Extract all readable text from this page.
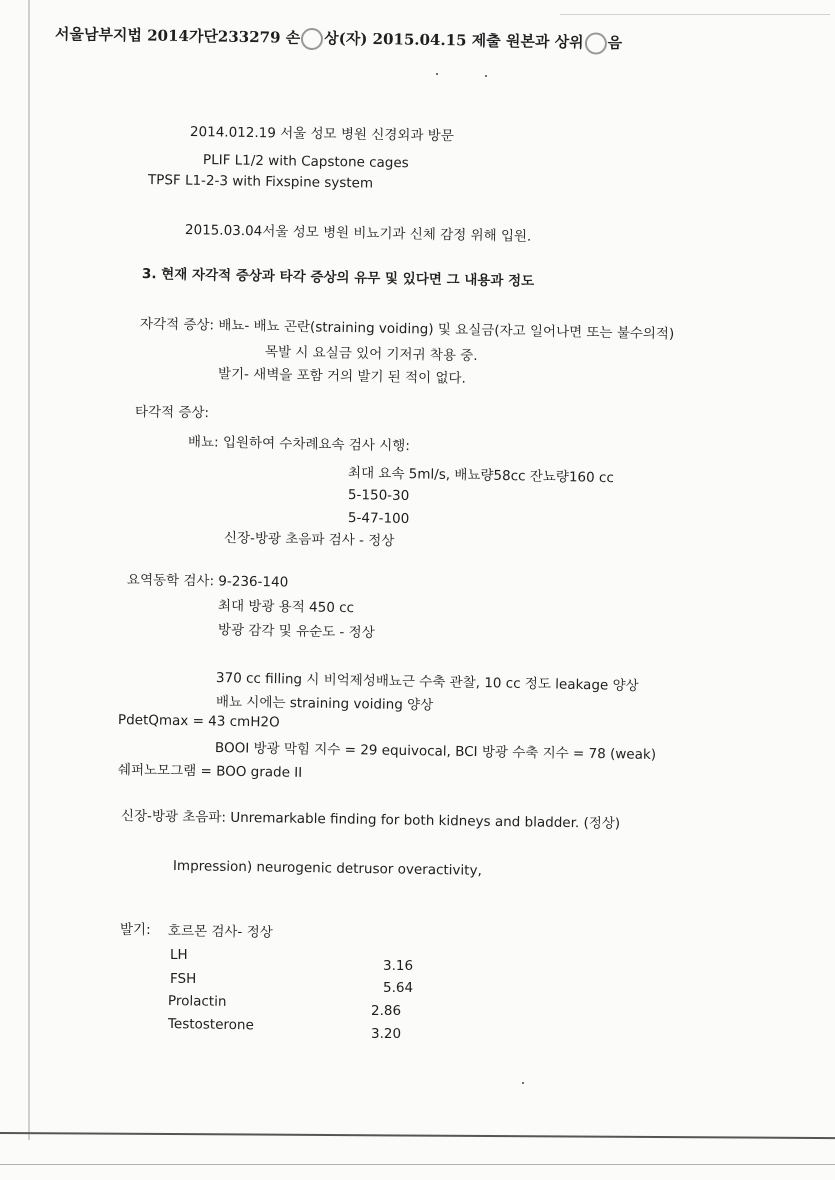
서울남부지법 2014가단233279 손 상(자) 2015.04.15 제출 원본과 상위 음
2014.012.19 서울 성모 병원 신경외과 방문
PLIF L1/2 with Capstone cages
TPSF L1-2-3 with Fixspine system
2015.03.04서울 성모 병원 비뇨기과 신체 감정 위해 입원.
3. 현재 자각적 증상과 타각 증상의 유무 및 있다면 그 내용과 정도
자각적 증상: 배뇨- 배뇨 곤란(straining voiding) 및 요실금(자고 일어나면 또는 불수의적)
목발 시 요실금 있어 기저귀 착용 중.
발기- 새벽을 포함 거의 발기 된 적이 없다.
타각적 증상:
배뇨: 입원하여 수차례요속 검사 시행:
최대 요속 5ml/s, 배뇨량58cc 잔뇨량160 cc
5-150-30
5-47-100
신장-방광 초음파 검사 - 정상
요역동학 검사: 9-236-140
최대 방광 용적 450 cc
방광 감각 및 유순도 - 정상
370 cc filling 시 비억제성배뇨근 수축 관찰, 10 cc 정도 leakage 양상
배뇨 시에는 straining voiding 양상
PdetQmax = 43 cmH2O
BOOI 방광 막힘 지수 = 29 equivocal, BCI 방광 수축 지수 = 78 (weak)
쉐퍼노모그램 = BOO grade II
신장-방광 초음파: Unremarkable finding for both kidneys and bladder. (정상)
Impression) neurogenic detrusor overactivity,
발기: 호르몬 검사- 정상
LH
FSH
Prolactin
Testosterone
3.16
5.64
2.86
3.20
